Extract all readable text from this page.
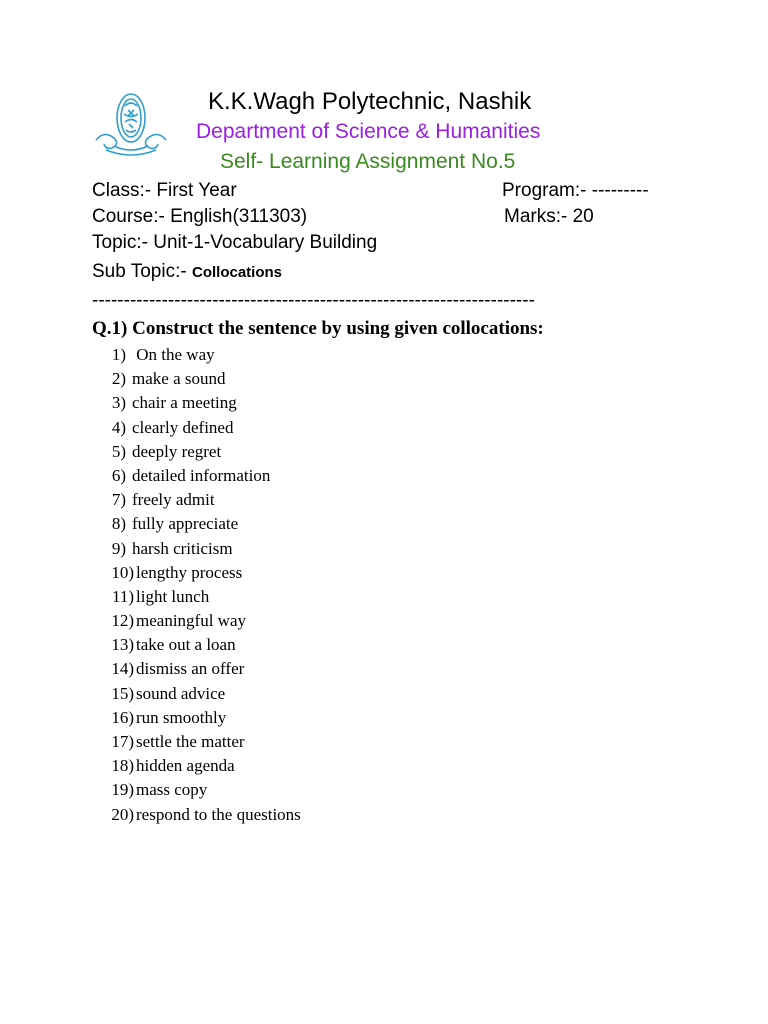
K.K.Wagh Polytechnic, Nashik
Department of Science & Humanities
Self- Learning Assignment No.5
Class:- First Year	Program:- ---------
Course:- English(311303)	Marks:- 20
Topic:- Unit-1-Vocabulary Building
Sub Topic:- Collocations
----------------------------------------------------------------------
Q.1) Construct the sentence by using given collocations:
1) On the way
2) make a sound
3) chair a meeting
4) clearly defined
5) deeply regret
6) detailed information
7) freely admit
8) fully appreciate
9) harsh criticism
10) lengthy process
11) light lunch
12) meaningful way
13) take out a loan
14) dismiss an offer
15) sound advice
16) run smoothly
17) settle the matter
18) hidden agenda
19) mass copy
20) respond to the questions
